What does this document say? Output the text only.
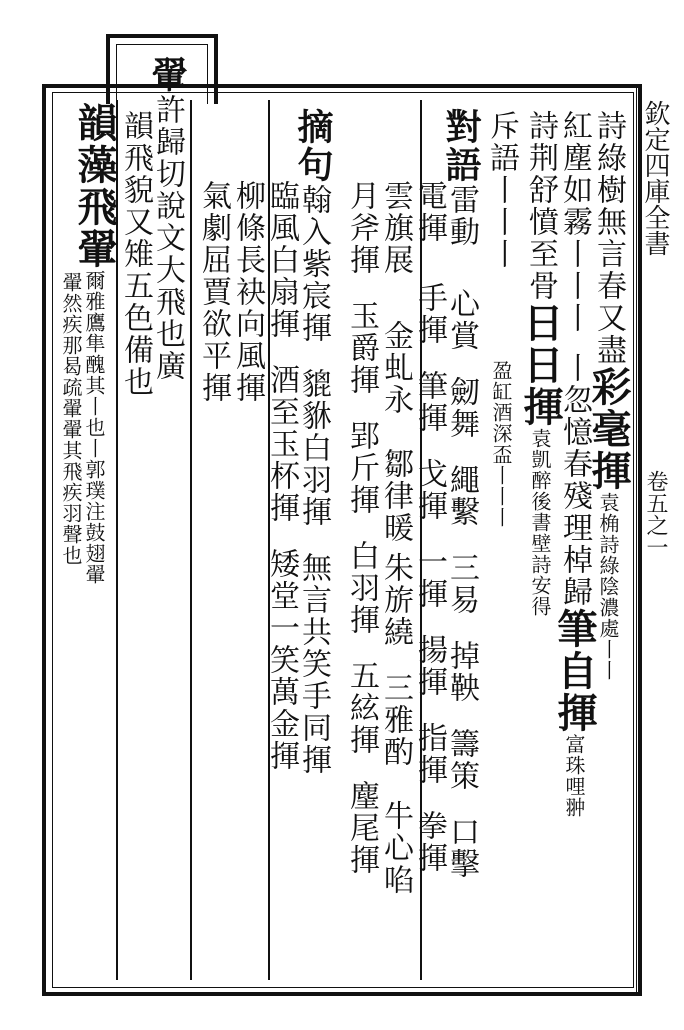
欽定四庫全書
卷五之一
詩綠樹無言春又盡彩毫揮袁桷詩綠陰濃處丨丨
紅塵如霧丨丨丨丨忽憶春殘理棹歸筆自揮富珠哩翀
詩荆舒憤至骨日日揮袁凱醉後書壁詩安得
斥語丨丨丨盈缸酒深盃丨丨丨
對語雷動心賞劒舞繩繫三易掉鞅籌策口擊
電揮手揮筆揮戈揮一揮揚揮指揮拳揮
雲旗展金虬永鄒律暖朱旂繞三雅酌牛心啗
月斧揮玉爵揮郢斤揮白羽揮五絃揮麈尾揮
摘句翰入紫宸揮貔貅白羽揮無言共笑手同揮
臨風白扇揮酒至玉杯揮矮堂一笑萬金揮
柳條長袂向風揮
氣劇屈賈欲平揮
翬許歸切說文大飛也廣
韻飛貌又雉五色備也
韻藻飛翬爾雅鷹隼醜其丨也丨郭璞注鼓翅翬
翬然疾那曷疏翬翬其飛疾羽聲也
